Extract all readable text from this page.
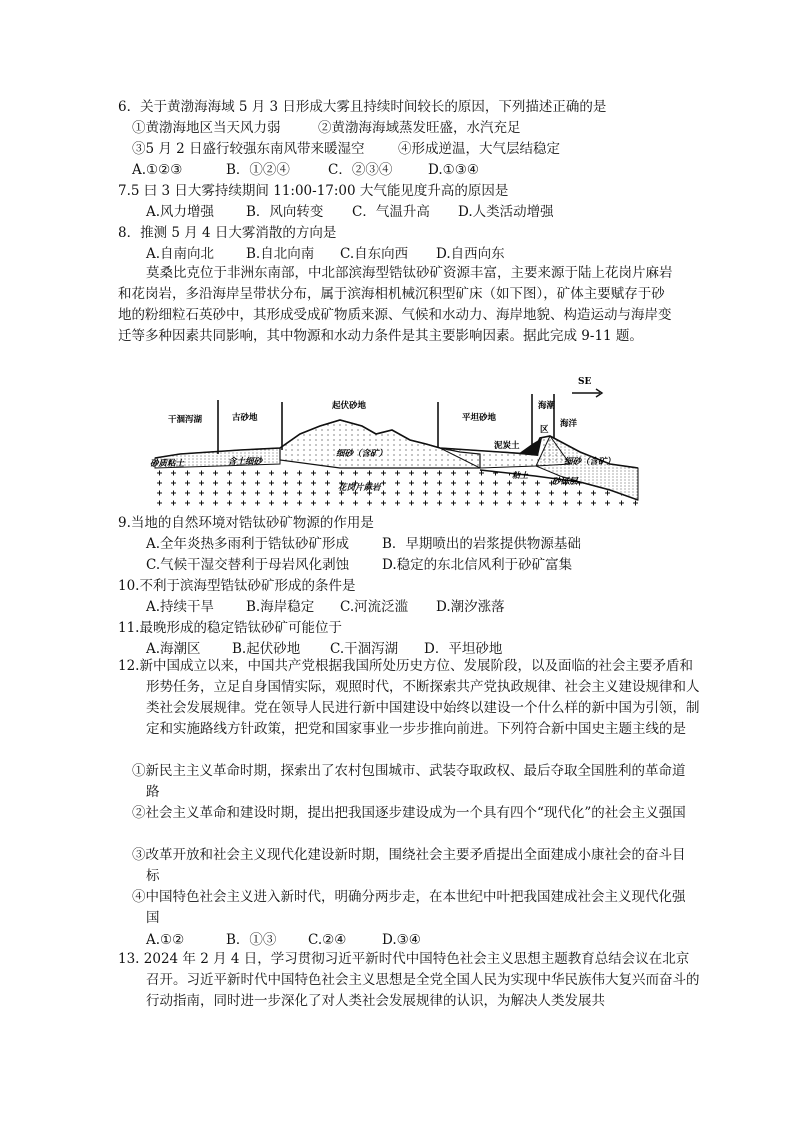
6．关于黄渤海海域 5 月 3 日形成大雾且持续时间较长的原因，下列描述正确的是
①黄渤海地区当天风力弱	②黄渤海海域蒸发旺盛，水汽充足
③5 月 2 日盛行较强东南风带来暖湿空 ④形成逆温，大气层结稳定
A.①②③	B．①②④	C．②③④	D.①③④
7.5 曰 3 日大雾持续期间 11:00-17:00 大气能见度升高的原因是
A.风力增强 B．风向转变 C．气温升高 D.人类活动增强
8．推测 5 月 4 日大雾消散的方向是
A.自南向北 B.自北向南 C.自东向西 D.自西向东
莫桑比克位于非洲东南部，中北部滨海型锆钛砂矿资源丰富，主要来源于陆上花岗片麻岩和花岗岩，多沿海岸呈带状分布，属于滨海相机械沉积型矿床（如下图），矿体主要赋存于砂地的粉细粒石英砂中，其形成受成矿物质来源、气候和水动力、海岸地貌、构造运动与海岸变迁等多种因素共同影响，其中物源和水动力条件是其主要影响因素。据此完成 9-11 题。
SE
干涸泻湖	古砂地
起伏砂地
平坦砂地
海潮
区
海洋
泥炭土
砂质粘土	含土细砂
细砂（含矿）
细砂（含矿）
粘土
砂砾层
花岗片麻岩
9.当地的自然环境对锆钛砂矿物源的作用是
A.全年炎热多雨利于锆钛砂矿形成 B．早期喷出的岩浆提供物源基础
C.气候干湿交替利于母岩风化剥蚀 D.稳定的东北信风利于砂矿富集
10.不利于滨海型锆钛砂矿形成的条件是
A.持续干旱 B.海岸稳定 C.河流泛滥 D.潮汐涨落
11.最晚形成的稳定锆钛砂矿可能位于
A.海潮区 B.起伏砂地 C.干涸泻湖 D．平坦砂地
12.新中国成立以来，中国共产党根据我国所处历史方位、发展阶段，以及面临的社会主要矛盾和形势任务，立足自身国情实际，观照时代，不断探索共产党执政规律、社会主义建设规律和人类社会发展规律。党在领导人民进行新中国建设中始终以建设一个什么样的新中国为引领，制定和实施路线方针政策，把党和国家事业一步步推向前进。下列符合新中国史主题主线的是
①新民主主义革命时期，探索出了农村包围城市、武装夺取政权、最后夺取全国胜利的革命道路
②社会主义革命和建设时期，提出把我国逐步建设成为一个具有四个“现代化”的社会主义强国
③改革开放和社会主义现代化建设新时期，围绕社会主要矛盾提出全面建成小康社会的奋斗目标
④中国特色社会主义进入新时代，明确分两步走，在本世纪中叶把我国建成社会主义现代化强国
A.①②	B．①③ C.②④	D.③④
13. 2024 年 2 月 4 日，学习贯彻习近平新时代中国特色社会主义思想主题教育总结会议在北京召开。习近平新时代中国特色社会主义思想是全党全国人民为实现中华民族伟大复兴而奋斗的行动指南，同时进一步深化了对人类社会发展规律的认识，为解决人类发展共
